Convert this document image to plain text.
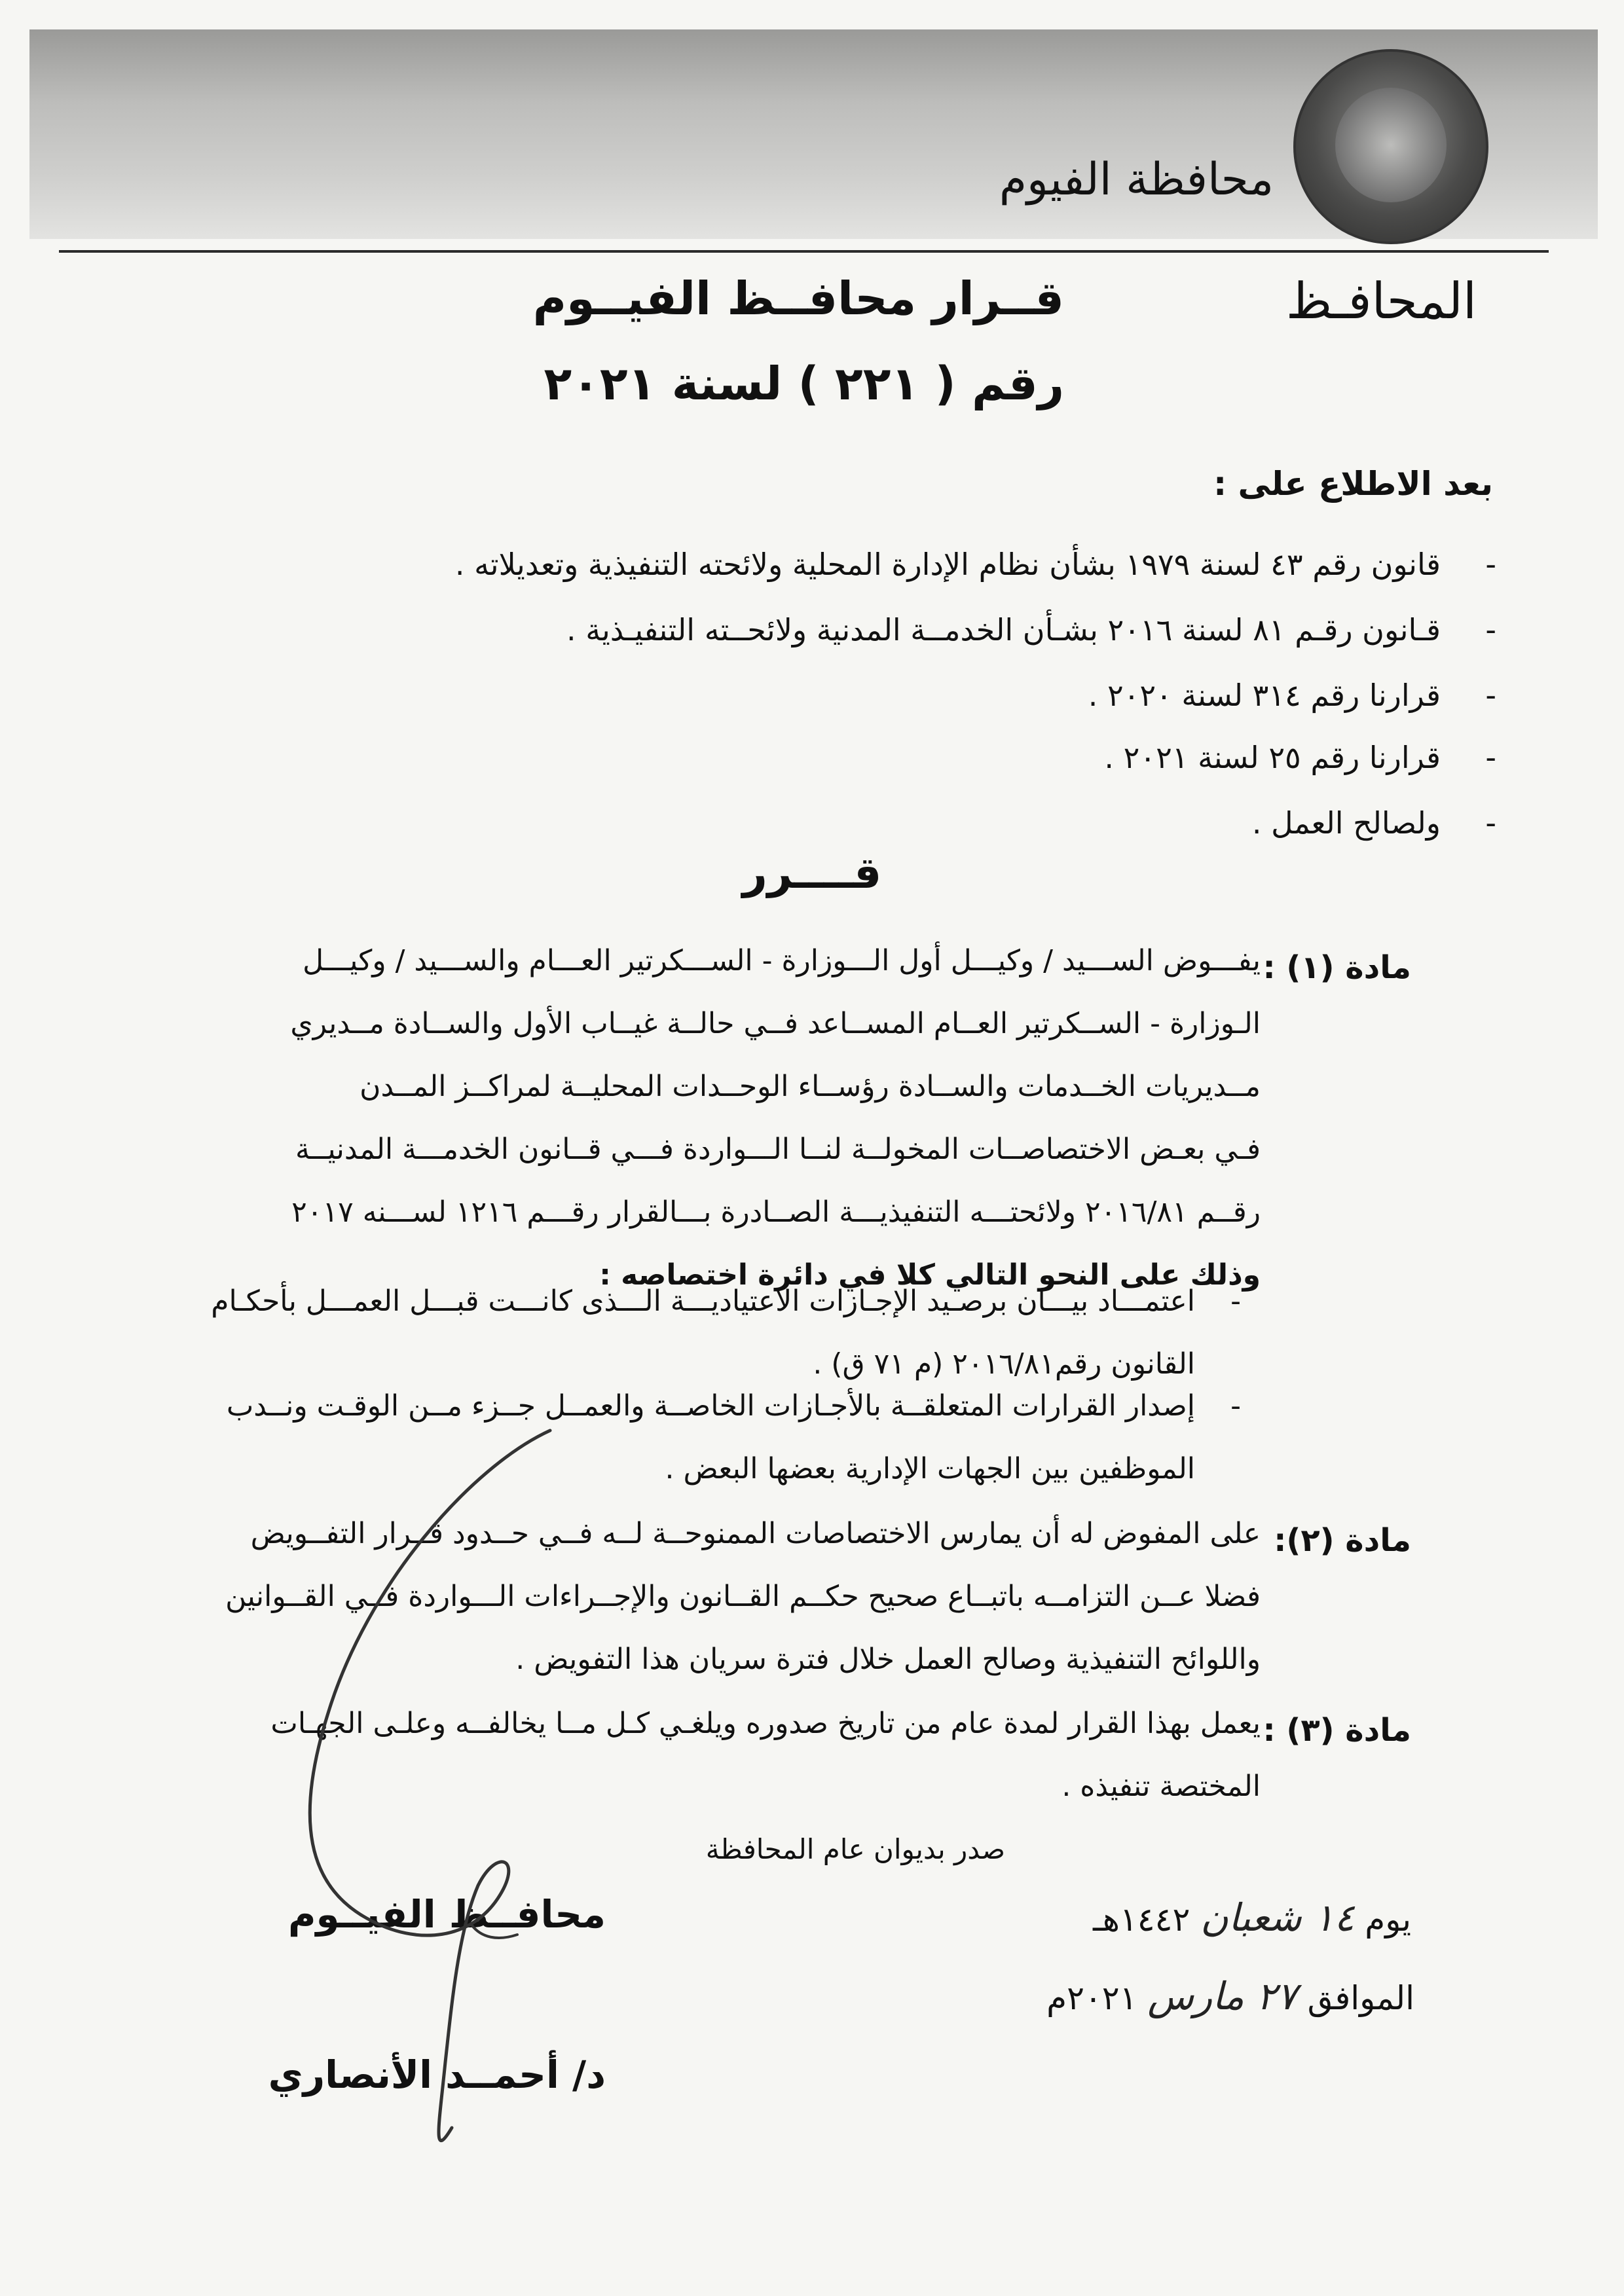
محافظة الفيوم
المحافـظ
قــرار محافــظ الفيــوم
رقم ( ٢٢١ ) لسنة ٢٠٢١
بعد الاطلاع على :
-
قانون رقم ٤٣ لسنة ١٩٧٩ بشأن نظام الإدارة المحلية ولائحته التنفيذية وتعديلاته .
-
قـانون رقـم ٨١ لسنة ٢٠١٦ بشـأن الخدمــة المدنية ولائحــته التنفيـذية .
-
قرارنا رقم ٣١٤ لسنة ٢٠٢٠ .
-
قرارنا رقم ٢٥ لسنة ٢٠٢١ .
-
ولصالح العمل .
قــــرر
مادة (١) :
يفـــوض الســـيد / وكيـــل أول الـــوزارة - الســـكرتير العـــام والســـيد / وكيـــل
الـوزارة - الســكرتير العــام المســاعد فــي حالــة غيــاب الأول والســادة مــديري
مــديريات الخــدمات والســادة رؤســاء الوحــدات المحليــة لمراكــز المــدن
فـي بعـض الاختصاصــات المخولــة لنــا الـــواردة فـــي قــانون الخدمـــة المدنيــة
رقــم ٢٠١٦/٨١ ولائحتـــه التنفيذيـــة الصــادرة بـــالقرار رقـــم ١٢١٦ لســـنه ٢٠١٧
وذلك على النحو التالي كلا في دائرة اختصاصه :
-
اعتمـــاد بيـــان برصـيد الإجـازات الاعتياديـــة الـــذى كانـــت قبـــل العمـــل بأحكـام
القانون رقم٢٠١٦/٨١ (م ٧١ ق) .
-
إصدار القرارات المتعلقــة بالأجـازات الخاصــة والعمــل جــزء مــن الوقـت ونــدب
الموظفين بين الجهات الإدارية بعضها البعض .
مادة (٢):
على المفوض له أن يمارس الاختصاصات الممنوحــة لــه فــي حــدود قــرار التفــويض
فضلا عــن التزامــه باتبــاع صحيح حكــم القــانون والإجــراءات الـــواردة فــي القــوانين
واللوائح التنفيذية وصالح العمل خلال فترة سريان هذا التفويض .
مادة (٣) :
يعمل بهذا القرار لمدة عام من تاريخ صدوره ويلغـي كـل مــا يخالفــه وعلـى الجهـات
المختصة تنفيذه .
صدر بديوان عام المحافظة
يوم ١٤ شعبان ١٤٤٢هـ
الموافق ٢٧ مارس ٢٠٢١م
محافــظ الفيــوم
د/ أحمــد الأنصاري
